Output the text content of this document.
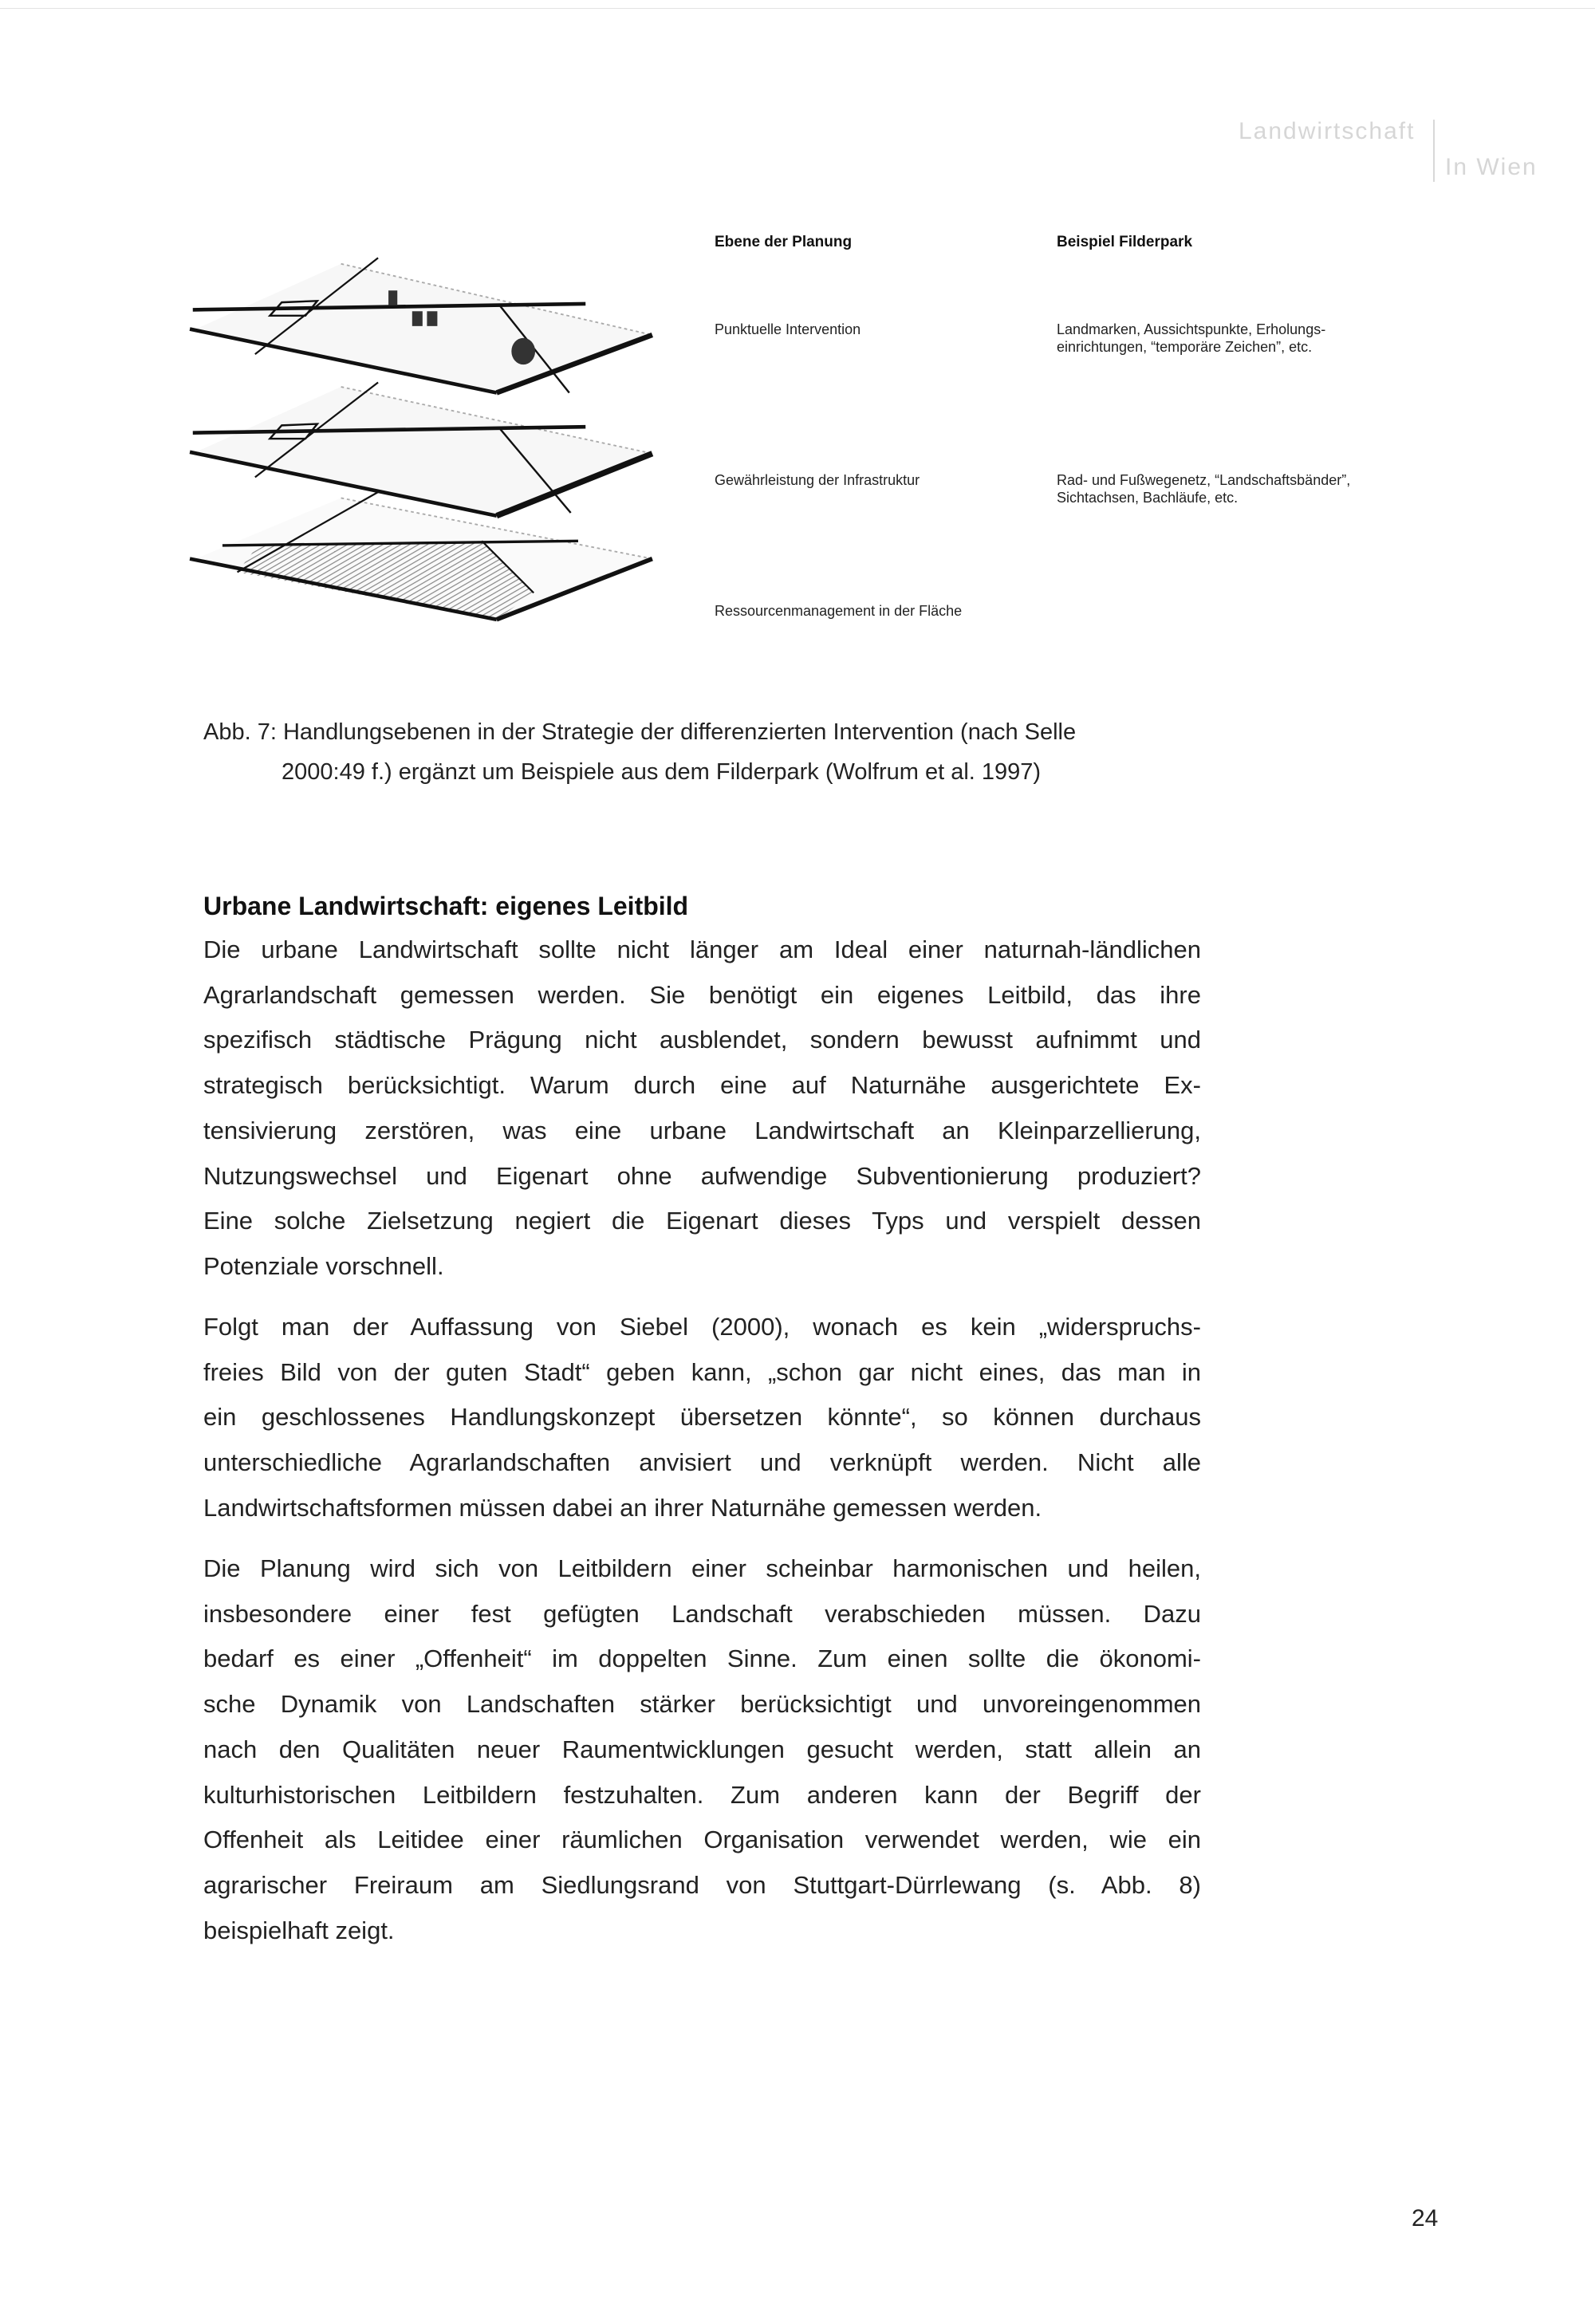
Landwirtschaft
In Wien
Ebene der Planung	Beispiel Filderpark
Punktuelle Intervention	Landmarken, Aussichtspunkte, Erholungs-
einrichtungen, “temporäre Zeichen”, etc.
Gewährleistung der Infrastruktur	Rad- und Fußwegenetz, “Landschaftsbänder”,
Sichtachsen, Bachläufe, etc.
Ressourcenmanagement in der Fläche
Abb. 7: Handlungsebenen in der Strategie der differenzierten Intervention (nach Selle
2000:49 f.) ergänzt um Beispiele aus dem Filderpark (Wolfrum et al. 1997)
Urbane Landwirtschaft: eigenes Leitbild
Die urbane Landwirtschaft sollte nicht länger am Ideal einer naturnah-ländlichen
Agrarlandschaft gemessen werden. Sie benötigt ein eigenes Leitbild, das ihre
spezifisch städtische Prägung nicht ausblendet, sondern bewusst aufnimmt und
strategisch berücksichtigt. Warum durch eine auf Naturnähe ausgerichtete Ex-
tensivierung zerstören, was eine urbane Landwirtschaft an Kleinparzellierung,
Nutzungswechsel und Eigenart ohne aufwendige Subventionierung produziert?
Eine solche Zielsetzung negiert die Eigenart dieses Typs und verspielt dessen
Potenziale vorschnell.
Folgt man der Auffassung von Siebel (2000), wonach es kein „widerspruchs-
freies Bild von der guten Stadt“ geben kann, „schon gar nicht eines, das man in
ein geschlossenes Handlungskonzept übersetzen könnte“, so können durchaus
unterschiedliche Agrarlandschaften anvisiert und verknüpft werden. Nicht alle
Landwirtschaftsformen müssen dabei an ihrer Naturnähe gemessen werden.
Die Planung wird sich von Leitbildern einer scheinbar harmonischen und heilen,
insbesondere einer fest gefügten Landschaft verabschieden müssen. Dazu
bedarf es einer „Offenheit“ im doppelten Sinne. Zum einen sollte die ökonomi-
sche Dynamik von Landschaften stärker berücksichtigt und unvoreingenommen
nach den Qualitäten neuer Raumentwicklungen gesucht werden, statt allein an
kulturhistorischen Leitbildern festzuhalten. Zum anderen kann der Begriff der
Offenheit als Leitidee einer räumlichen Organisation verwendet werden, wie ein
agrarischer Freiraum am Siedlungsrand von Stuttgart-Dürrlewang (s. Abb. 8)
beispielhaft zeigt.
24
